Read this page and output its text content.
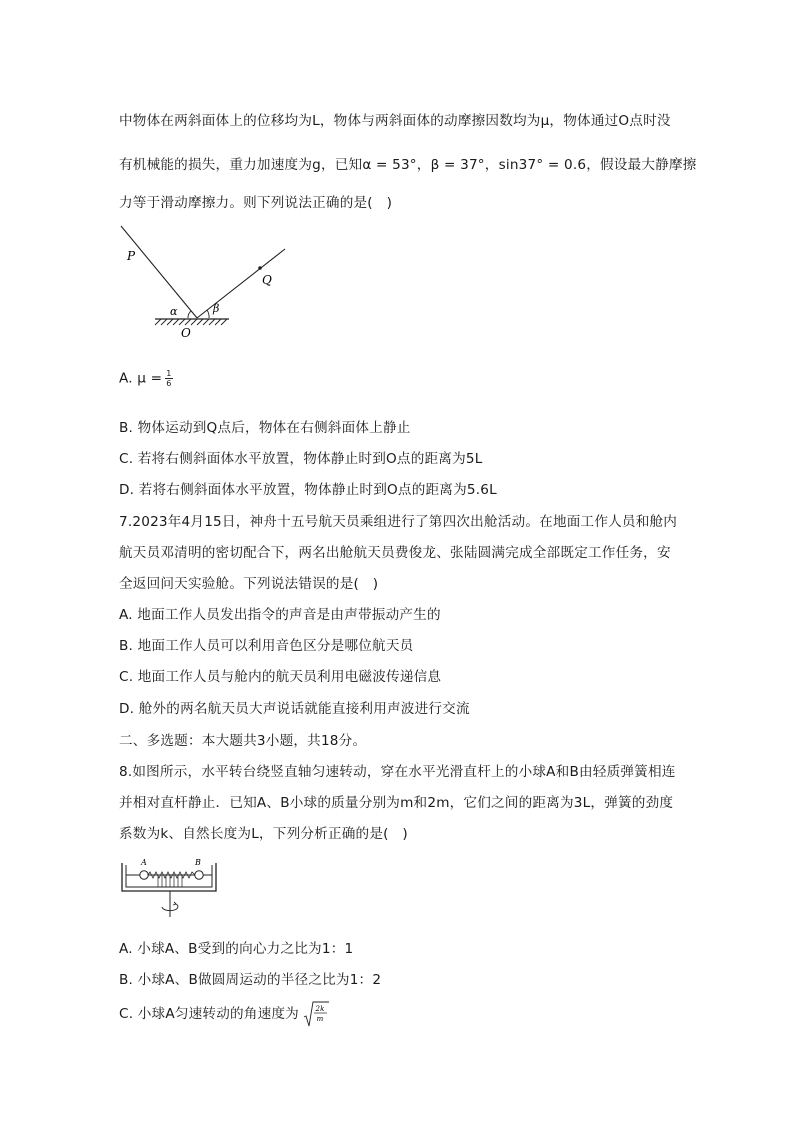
中物体在两斜面体上的位移均为L，物体与两斜面体的动摩擦因数均为μ，物体通过O点时没
有机械能的损失，重力加速度为g，已知α = 53°，β = 37°，sin37° = 0.6，假设最大静摩擦
力等于滑动摩擦力。则下列说法正确的是(　)
P
Q
O
α	β
A. $\mu = \frac{1}{6}$
B. 物体运动到Q点后，物体在右侧斜面体上静止
C. 若将右侧斜面体水平放置，物体静止时到O点的距离为5L
D. 若将右侧斜面体水平放置，物体静止时到O点的距离为5.6L
7.2023年4月15日，神舟十五号航天员乘组进行了第四次出舱活动。在地面工作人员和舱内
航天员邓清明的密切配合下，两名出舱航天员费俊龙、张陆圆满完成全部既定工作任务，安
全返回问天实验舱。下列说法错误的是(　)
A. 地面工作人员发出指令的声音是由声带振动产生的
B. 地面工作人员可以利用音色区分是哪位航天员
C. 地面工作人员与舱内的航天员利用电磁波传递信息
D. 舱外的两名航天员大声说话就能直接利用声波进行交流
二、多选题：本大题共3小题，共18分。
8.如图所示，水平转台绕竖直轴匀速转动，穿在水平光滑直杆上的小球A和B由轻质弹簧相连
并相对直杆静止．已知A、B小球的质量分别为m和2m，它们之间的距离为3L，弹簧的劲度
系数为k、自然长度为L，下列分析正确的是(　)
A	B
A. 小球A、B受到的向心力之比为1：1
B. 小球A、B做圆周运动的半径之比为1：2
C. 小球A匀速转动的角速度为 2k
m
